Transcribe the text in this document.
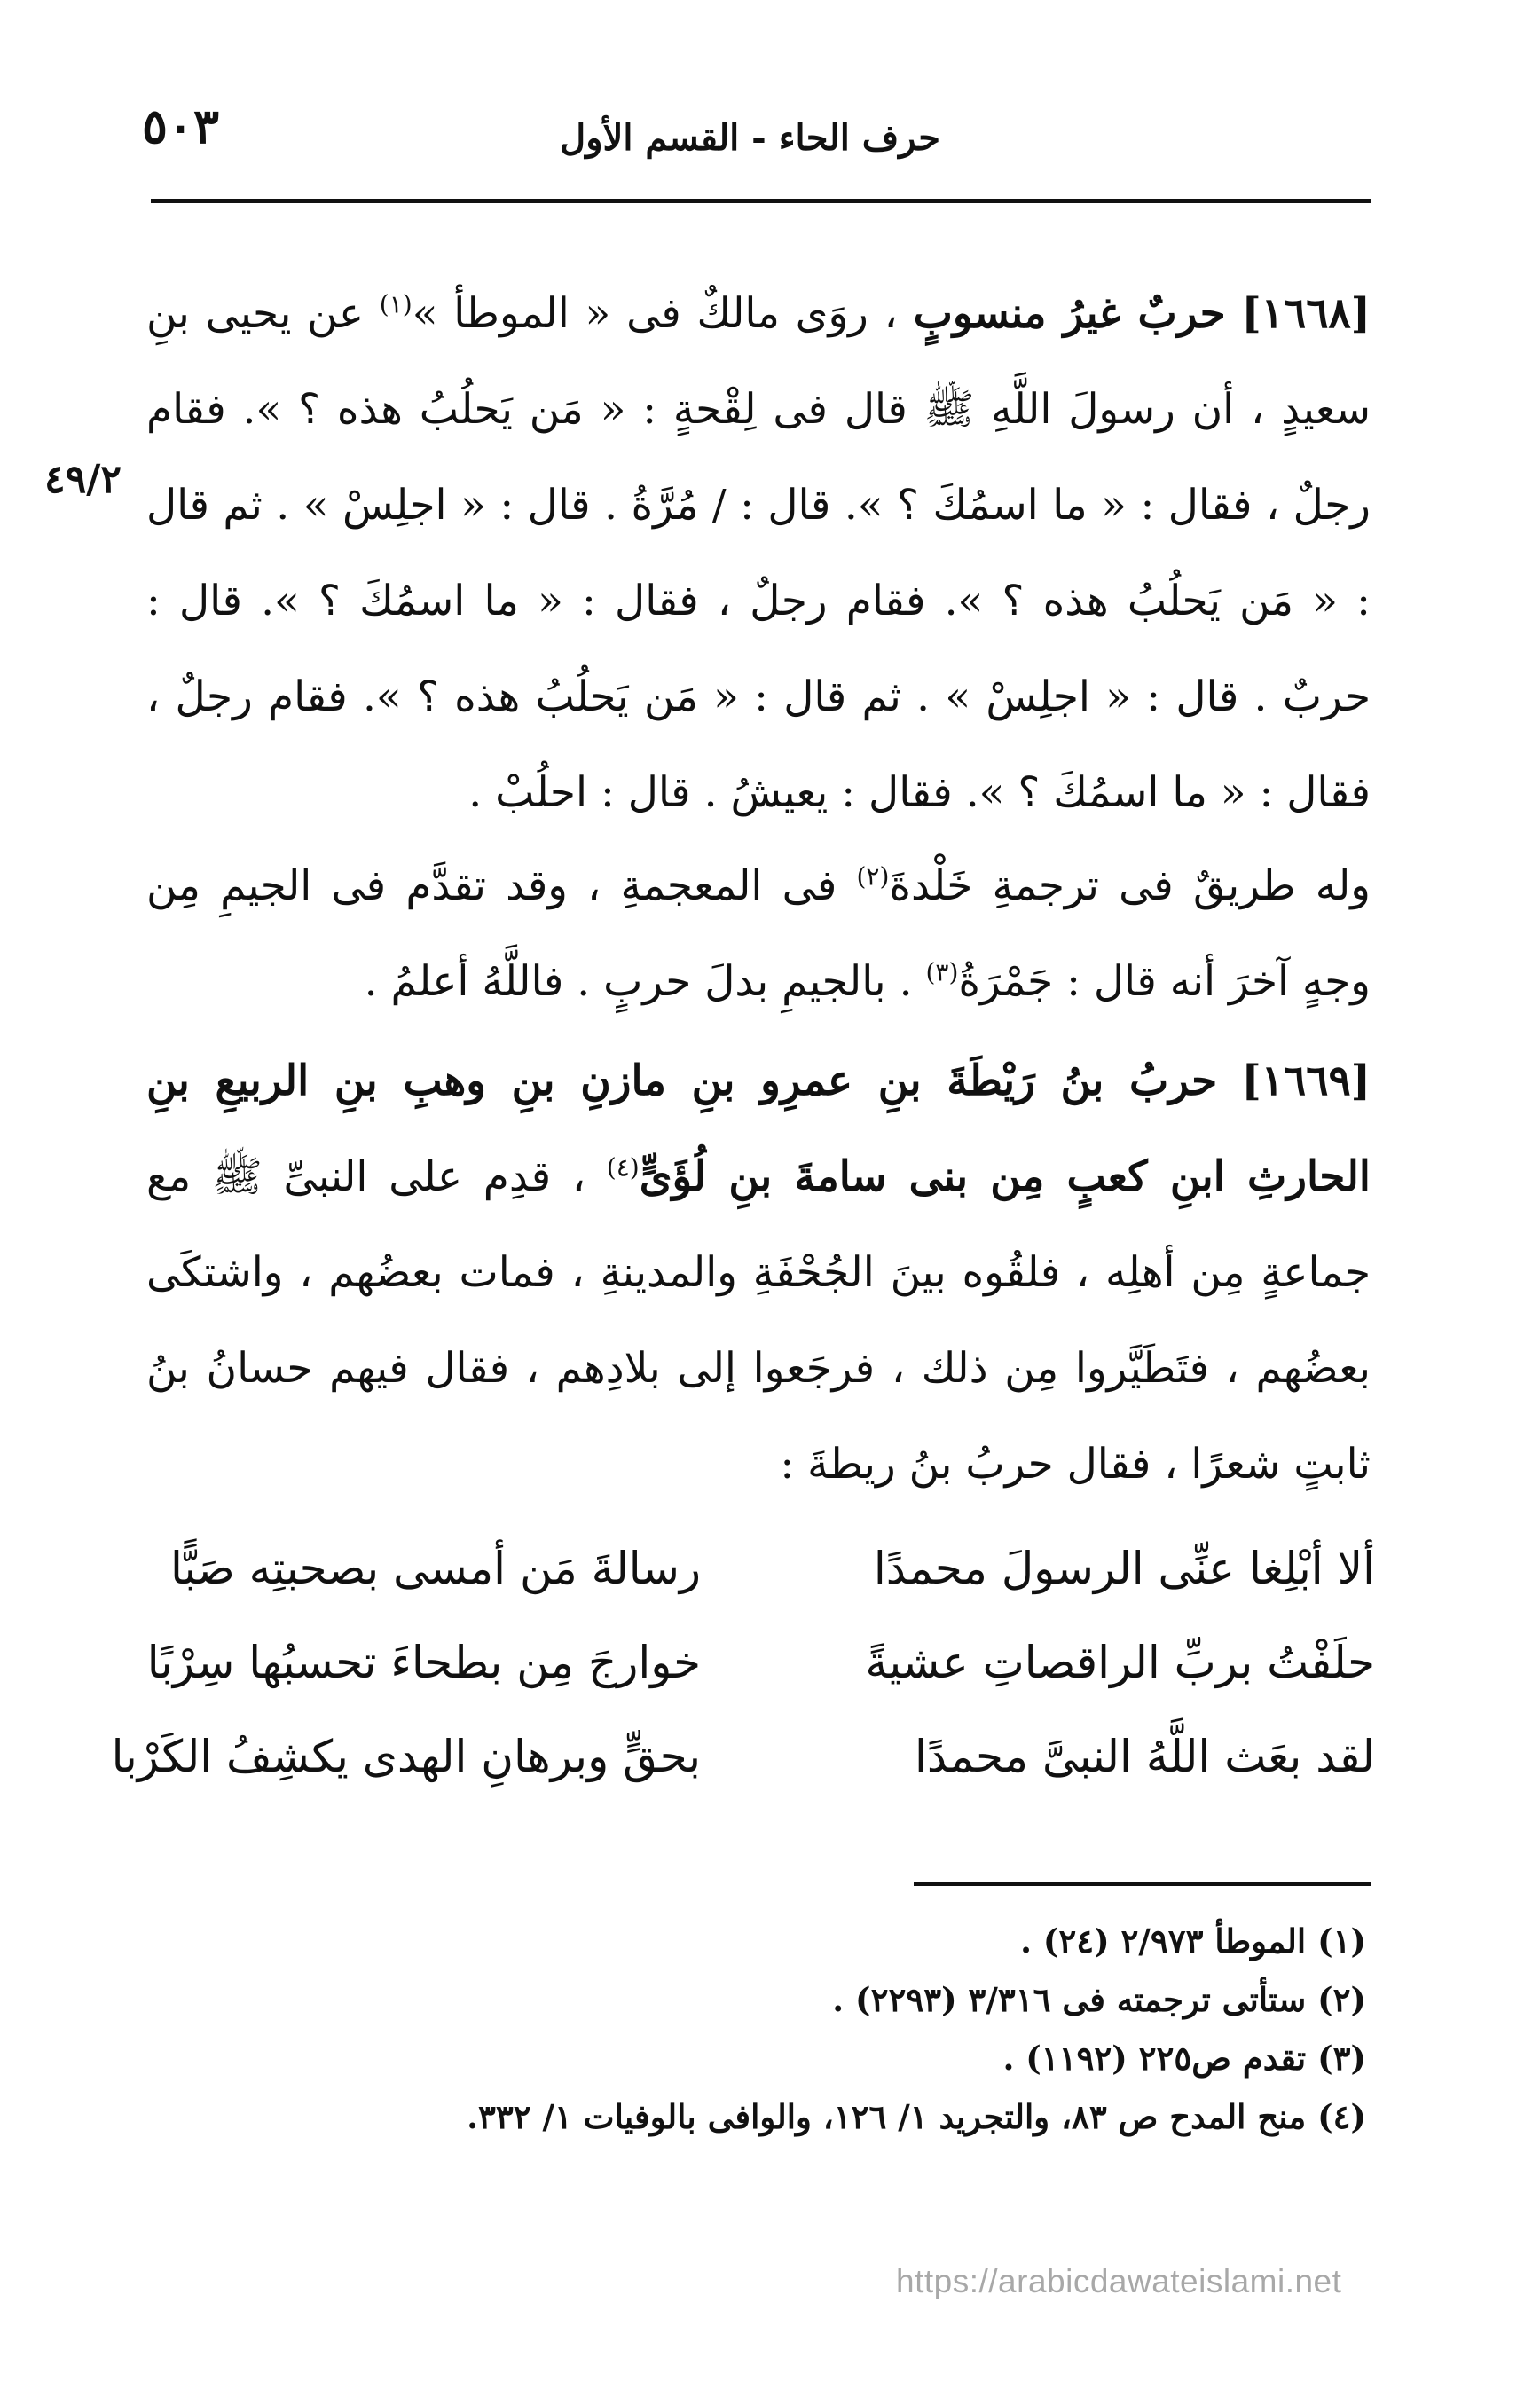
٥٠٣	حرف الحاء - القسم الأول
٤٩/٢
[١٦٦٨] حربٌ غيرُ منسوبٍ ، روَى مالكٌ فى « الموطأ »$^{(١)}$ عن يحيى بنِ سعيدٍ ، أن رسولَ اللَّهِ ﷺ قال فى لِقْحةٍ : « مَن يَحلُبُ هذه ؟ ». فقام رجلٌ ، فقال : « ما اسمُكَ ؟ ». قال : / مُرَّةُ . قال : « اجلِسْ » . ثم قال : « مَن يَحلُبُ هذه ؟ ». فقام رجلٌ ، فقال : « ما اسمُكَ ؟ ». قال : حربٌ . قال : « اجلِسْ » . ثم قال : « مَن يَحلُبُ هذه ؟ ». فقام رجلٌ ، فقال : « ما اسمُكَ ؟ ». فقال : يعيشُ . قال : احلُبْ .
وله طريقٌ فى ترجمةِ خَلْدةَ$^{(٢)}$ فى المعجمةِ ، وقد تقدَّم فى الجيمِ مِن وجهٍ آخرَ أنه قال : جَمْرَةُ$^{(٣)}$ . بالجيمِ بدلَ حربٍ . فاللَّهُ أعلمُ .
[١٦٦٩] حربُ بنُ رَيْطَةَ بنِ عمرِو بنِ مازنِ بنِ وهبِ بنِ الربيعِ بنِ الحارثِ ابنِ كعبٍ مِن بنى سامةَ بنِ لُؤَىٍّ$^{(٤)}$ ، قدِم على النبىِّ ﷺ مع جماعةٍ مِن أهلِه ، فلقُوه بينَ الجُحْفَةِ والمدينةِ ، فمات بعضُهم ، واشتكَى بعضُهم ، فتَطَيَّروا مِن ذلك ، فرجَعوا إلى بلادِهم ، فقال فيهم حسانُ بنُ ثابتٍ شعرًا ، فقال حربُ بنُ ريطةَ :
ألا أبْلِغا عنِّى الرسولَ محمدًا
رسالةَ مَن أمسى بصحبتِه صَبًّا
حلَفْتُ بربِّ الراقصاتِ عشيةً
خوارجَ مِن بطحاءَ تحسبُها سِرْبًا
لقد بعَث اللَّهُ النبىَّ محمدًا
بحقٍّ وبرهانِ الهدى يكشِفُ الكَرْبا
(١) الموطأ ٢/٩٧٣ (٢٤) .
(٢) ستأتى ترجمته فى ٣/٣١٦ (٢٢٩٣) .
(٣) تقدم ص٢٢٥ (١١٩٢) .
(٤) منح المدح ص ٨٣، والتجريد ١/ ١٢٦، والوافى بالوفيات ١/ ٣٣٢.
https://arabicdawateislami.net
